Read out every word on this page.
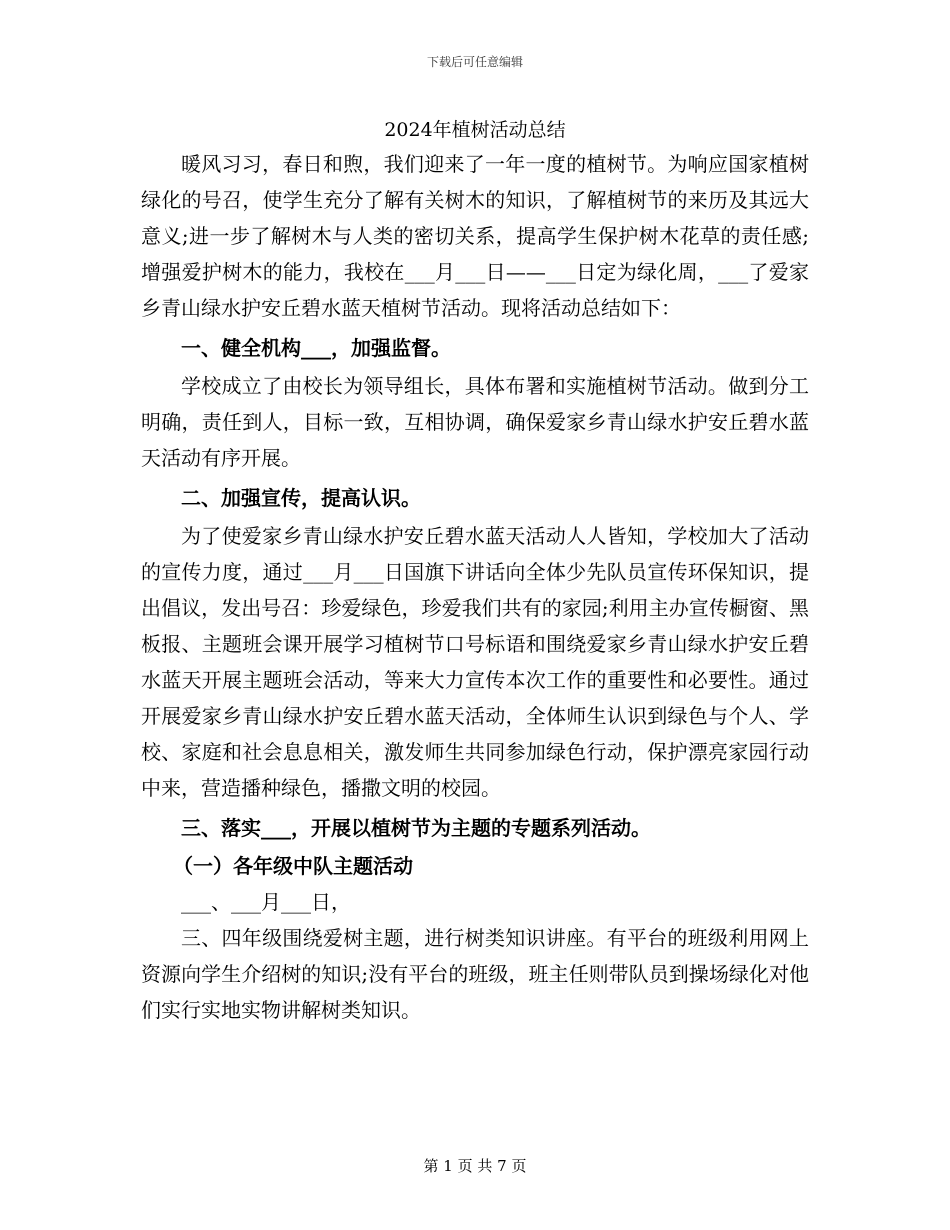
下载后可任意编辑
2024年植树活动总结

暖风习习，春日和煦，我们迎来了一年一度的植树节。为响应国家植树绿化的号召，使学生充分了解有关树木的知识，了解植树节的来历及其远大意义;进一步了解树木与人类的密切关系，提高学生保护树木花草的责任感;增强爱护树木的能力，我校在___月___日——___日定为绿化周，___了爱家乡青山绿水护安丘碧水蓝天植树节活动。现将活动总结如下：

一、健全机构___，加强监督。

学校成立了由校长为领导组长，具体布署和实施植树节活动。做到分工明确，责任到人，目标一致，互相协调，确保爱家乡青山绿水护安丘碧水蓝天活动有序开展。

二、加强宣传，提高认识。

为了使爱家乡青山绿水护安丘碧水蓝天活动人人皆知，学校加大了活动的宣传力度，通过___月___日国旗下讲话向全体少先队员宣传环保知识，提出倡议，发出号召：珍爱绿色，珍爱我们共有的家园;利用主办宣传橱窗、黑板报、主题班会课开展学习植树节口号标语和围绕爱家乡青山绿水护安丘碧水蓝天开展主题班会活动，等来大力宣传本次工作的重要性和必要性。通过开展爱家乡青山绿水护安丘碧水蓝天活动，全体师生认识到绿色与个人、学校、家庭和社会息息相关，激发师生共同参加绿色行动，保护漂亮家园行动中来，营造播种绿色，播撒文明的校园。

三、落实___，开展以植树节为主题的专题系列活动。

（一）各年级中队主题活动

___、___月___日，

三、四年级围绕爱树主题，进行树类知识讲座。有平台的班级利用网上资源向学生介绍树的知识;没有平台的班级，班主任则带队员到操场绿化对他们实行实地实物讲解树类知识。

第 1 页 共 7 页
